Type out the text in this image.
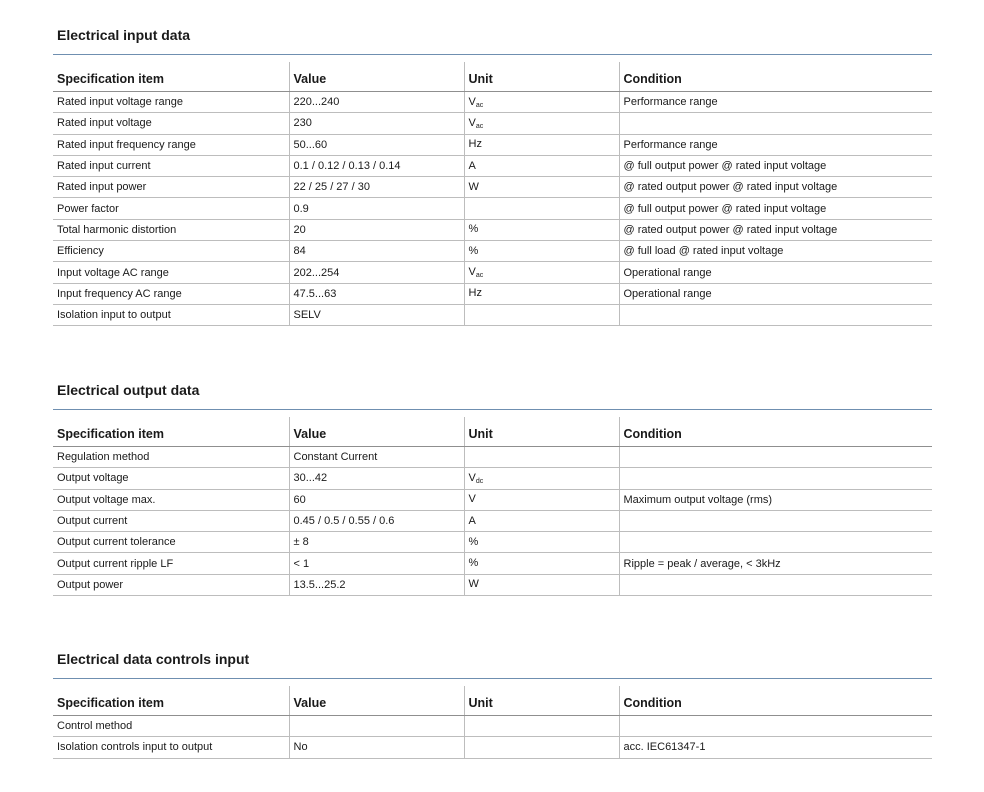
Electrical input data
Specification item	Value	Unit	Condition
Rated input voltage range	220...240	$V_{ac}$	Performance range
Rated input voltage	230	$V_{ac}$	
Rated input frequency range	50...60	Hz	Performance range
Rated input current	0.1 / 0.12 / 0.13 / 0.14	A	@ full output power @ rated input voltage
Rated input power	22 / 25 / 27 / 30	W	@ rated output power @ rated input voltage
Power factor	0.9		@ full output power @ rated input voltage
Total harmonic distortion	20	%	@ rated output power @ rated input voltage
Efficiency	84	%	@ full load @ rated input voltage
Input voltage AC range	202...254	$V_{ac}$	Operational range
Input frequency AC range	47.5...63	Hz	Operational range
Isolation input to output	SELV		
Electrical output data
Specification item	Value	Unit	Condition
Regulation method	Constant Current		
Output voltage	30...42	$V_{dc}$	
Output voltage max.	60	V	Maximum output voltage (rms)
Output current	0.45 / 0.5 / 0.55 / 0.6	A	
Output current tolerance	± 8	%	
Output current ripple LF	< 1	%	Ripple = peak / average, < 3kHz
Output power	13.5...25.2	W	
Electrical data controls input
Specification item	Value	Unit	Condition
Control method			
Isolation controls input to output	No		acc. IEC61347-1
